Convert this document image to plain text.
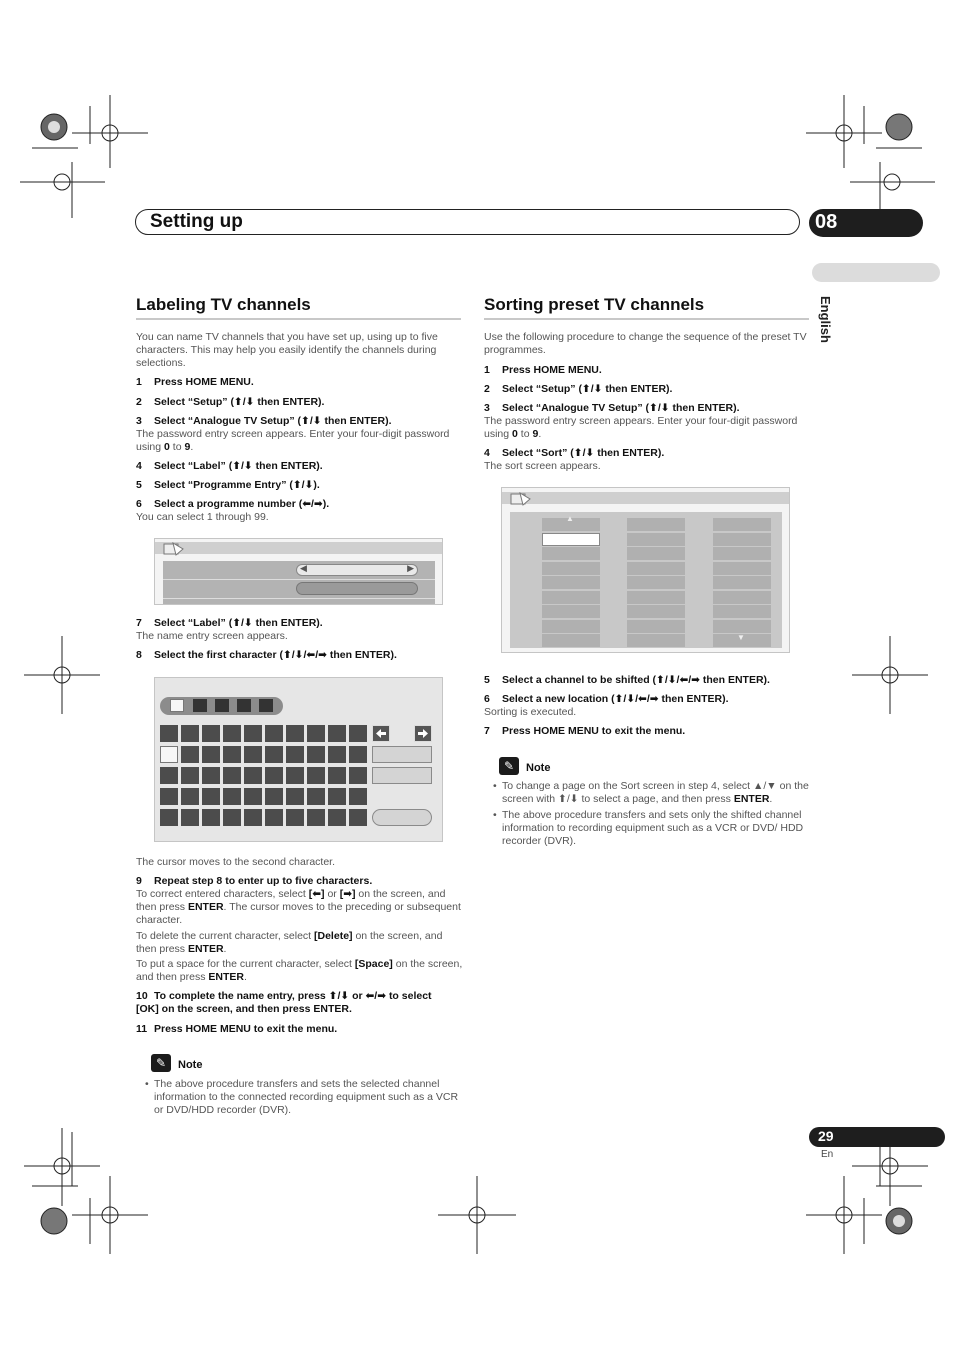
Setting up	08
English
Labeling TV channels
You can name TV channels that you have set up, using up to five characters. This may help you easily identify the channels during selections.
1 Press HOME MENU.
2 Select “Setup” (⬆/⬇ then ENTER).
3 Select “Analogue TV Setup” (⬆/⬇ then ENTER).
The password entry screen appears. Enter your four-digit password using 0 to 9.
4 Select “Label” (⬆/⬇ then ENTER).
5 Select “Programme Entry” (⬆/⬇).
6 Select a programme number (⬅/➡).
You can select 1 through 99.
◀	▶
7 Select “Label” (⬆/⬇ then ENTER).
The name entry screen appears.
8 Select the first character (⬆/⬇/⬅/➡ then ENTER).
The cursor moves to the second character.
9 Repeat step 8 to enter up to five characters.
To correct entered characters, select [⬅] or [➡] on the screen, and then press ENTER. The cursor moves to the preceding or subsequent character.
To delete the current character, select [Delete] on the screen, and then press ENTER.
To put a space for the current character, select [Space] on the screen, and then press ENTER.
10 To complete the name entry, press ⬆/⬇ or ⬅/➡ to select [OK] on the screen, and then press ENTER.
11 Press HOME MENU to exit the menu.
✎	Note
• The above procedure transfers and sets the selected channel information to the connected recording equipment such as a VCR or DVD/HDD recorder (DVR).
Sorting preset TV channels
Use the following procedure to change the sequence of the preset TV programmes.
1 Press HOME MENU.
2 Select “Setup” (⬆/⬇ then ENTER).
3 Select “Analogue TV Setup” (⬆/⬇ then ENTER).
The password entry screen appears. Enter your four-digit password using 0 to 9.
4 Select “Sort” (⬆/⬇ then ENTER).
The sort screen appears.
▲
▼
5 Select a channel to be shifted (⬆/⬇/⬅/➡ then ENTER).
6 Select a new location (⬆/⬇/⬅/➡ then ENTER).
Sorting is executed.
7 Press HOME MENU to exit the menu.
✎	Note
• To change a page on the Sort screen in step 4, select ▲/▼ on the screen with ⬆/⬇ to select a page, and then press ENTER.
• The above procedure transfers and sets only the shifted channel information to recording equipment such as a VCR or DVD/ HDD recorder (DVR).
29
En
